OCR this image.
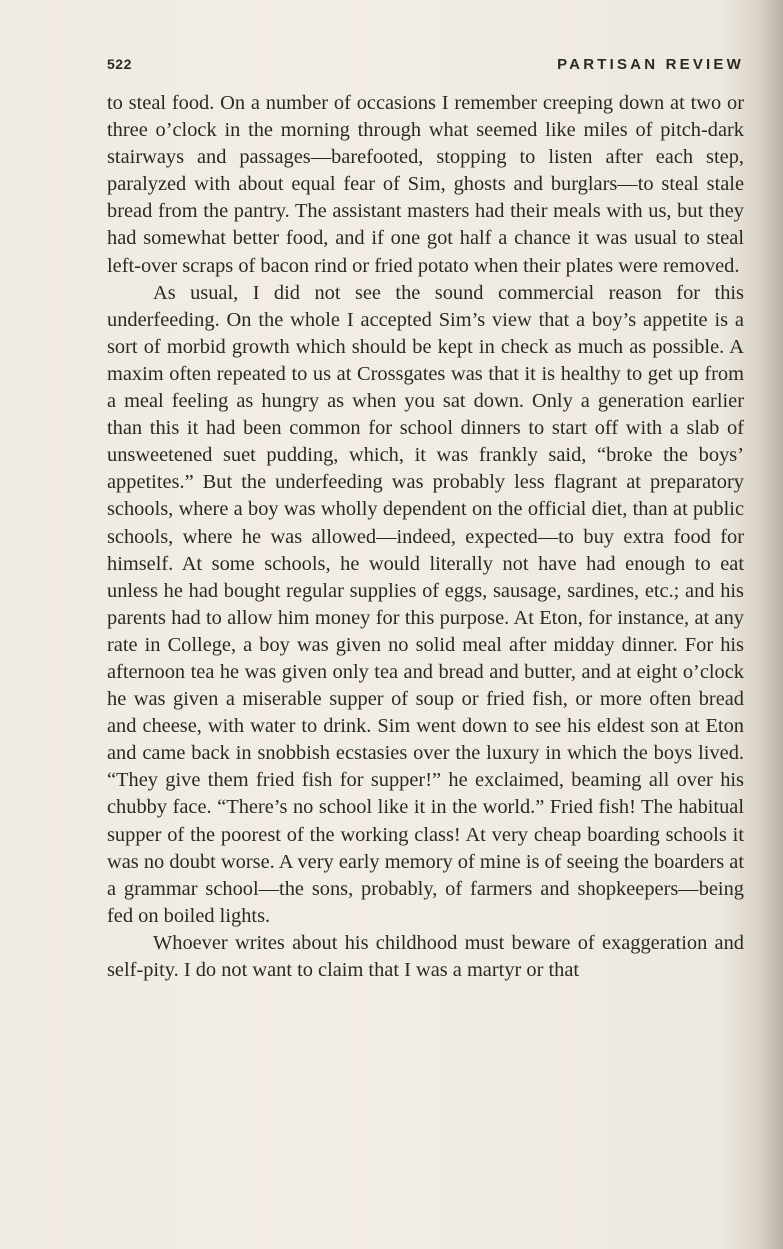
522	PARTISAN REVIEW

to steal food. On a number of occasions I remember creeping down at two or three o’clock in the morning through what seemed like miles of pitch-dark stairways and passages—barefooted, stopping to listen after each step, paralyzed with about equal fear of Sim, ghosts and burglars—to steal stale bread from the pantry. The assistant masters had their meals with us, but they had somewhat better food, and if one got half a chance it was usual to steal left-over scraps of bacon rind or fried potato when their plates were removed.

As usual, I did not see the sound commercial reason for this underfeeding. On the whole I accepted Sim’s view that a boy’s appetite is a sort of morbid growth which should be kept in check as much as possible. A maxim often repeated to us at Crossgates was that it is healthy to get up from a meal feeling as hungry as when you sat down. Only a generation earlier than this it had been common for school dinners to start off with a slab of unsweetened suet pudding, which, it was frankly said, “broke the boys’ appetites.” But the underfeeding was probably less flagrant at preparatory schools, where a boy was wholly dependent on the official diet, than at public schools, where he was allowed—indeed, expected—to buy extra food for himself. At some schools, he would literally not have had enough to eat unless he had bought regular supplies of eggs, sausage, sardines, etc.; and his parents had to allow him money for this purpose. At Eton, for instance, at any rate in College, a boy was given no solid meal after midday dinner. For his afternoon tea he was given only tea and bread and butter, and at eight o’clock he was given a miserable supper of soup or fried fish, or more often bread and cheese, with water to drink. Sim went down to see his eldest son at Eton and came back in snobbish ecstasies over the luxury in which the boys lived. “They give them fried fish for supper!” he exclaimed, beaming all over his chubby face. “There’s no school like it in the world.” Fried fish! The habitual supper of the poorest of the working class! At very cheap boarding schools it was no doubt worse. A very early memory of mine is of seeing the boarders at a grammar school—the sons, probably, of farmers and shopkeepers—being fed on boiled lights.

Whoever writes about his childhood must beware of exaggeration and self-pity. I do not want to claim that I was a martyr or that
